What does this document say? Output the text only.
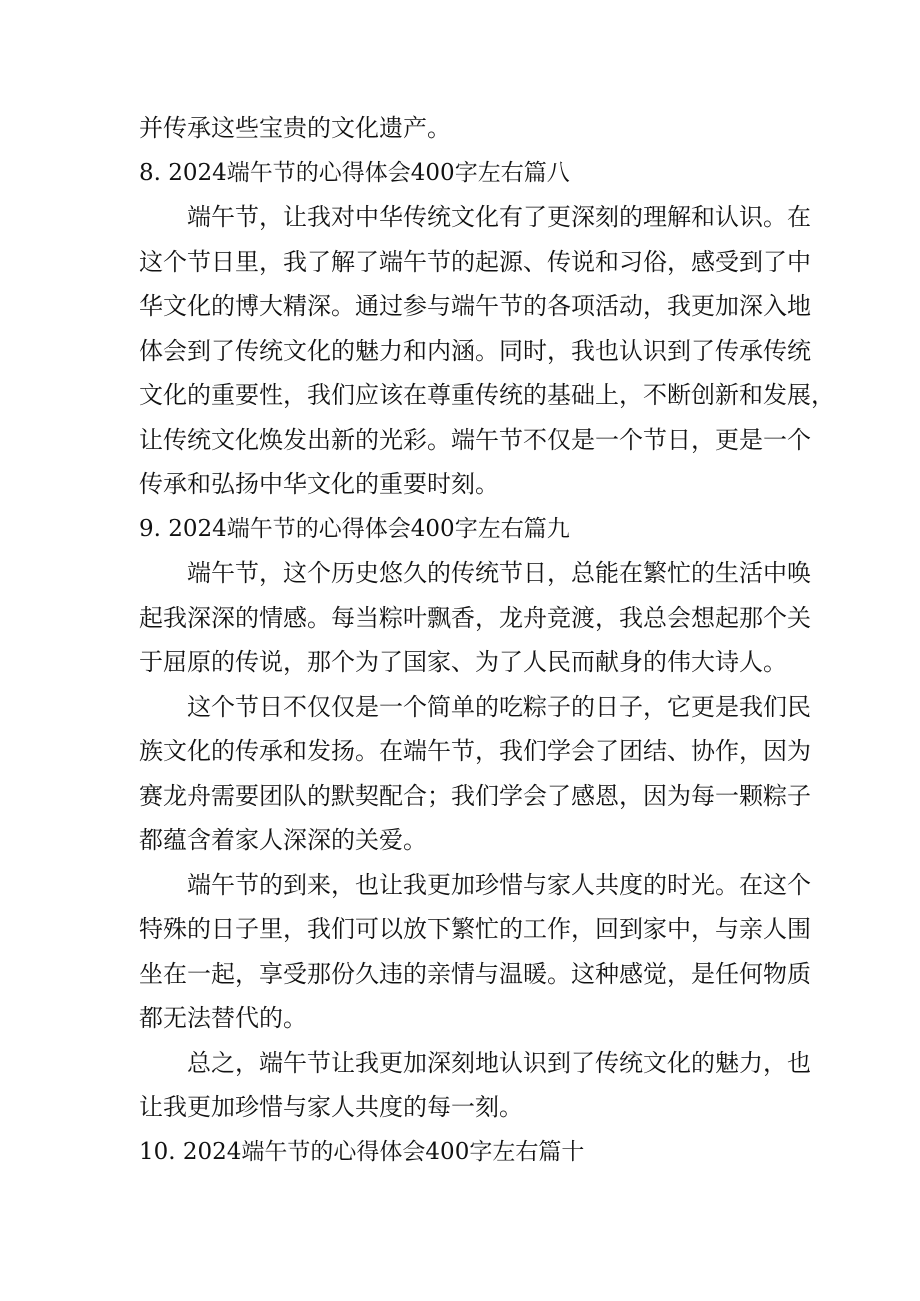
并传承这些宝贵的文化遗产。
8. 2024端午节的心得体会400字左右篇八
端午节，让我对中华传统文化有了更深刻的理解和认识。在
这个节日里，我了解了端午节的起源、传说和习俗，感受到了中
华文化的博大精深。通过参与端午节的各项活动，我更加深入地
体会到了传统文化的魅力和内涵。同时，我也认识到了传承传统
文化的重要性，我们应该在尊重传统的基础上，不断创新和发展，
让传统文化焕发出新的光彩。端午节不仅是一个节日，更是一个
传承和弘扬中华文化的重要时刻。
9. 2024端午节的心得体会400字左右篇九
端午节，这个历史悠久的传统节日，总能在繁忙的生活中唤
起我深深的情感。每当粽叶飘香，龙舟竞渡，我总会想起那个关
于屈原的传说，那个为了国家、为了人民而献身的伟大诗人。
这个节日不仅仅是一个简单的吃粽子的日子，它更是我们民
族文化的传承和发扬。在端午节，我们学会了团结、协作，因为
赛龙舟需要团队的默契配合；我们学会了感恩，因为每一颗粽子
都蕴含着家人深深的关爱。
端午节的到来，也让我更加珍惜与家人共度的时光。在这个
特殊的日子里，我们可以放下繁忙的工作，回到家中，与亲人围
坐在一起，享受那份久违的亲情与温暖。这种感觉，是任何物质
都无法替代的。
总之，端午节让我更加深刻地认识到了传统文化的魅力，也
让我更加珍惜与家人共度的每一刻。
10. 2024端午节的心得体会400字左右篇十
